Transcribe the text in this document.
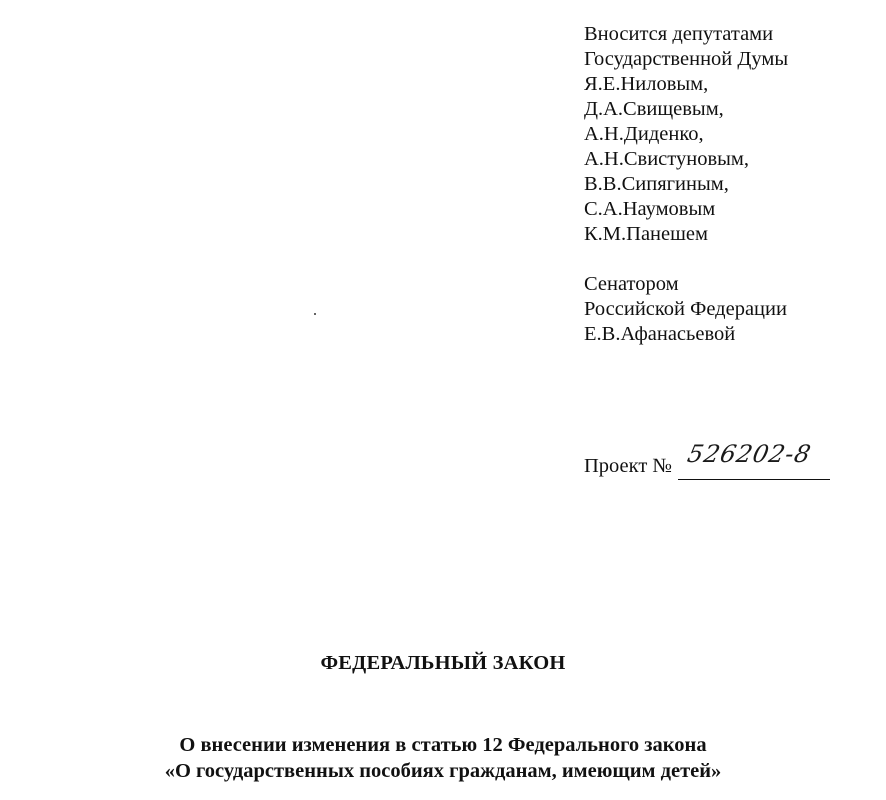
Вносится депутатами
Государственной Думы
Я.Е.Ниловым,
Д.А.Свищевым,
А.Н.Диденко,
А.Н.Свистуновым,
В.В.Сипягиным,
С.А.Наумовым
К.М.Панешем
Сенатором
Российской Федерации
Е.В.Афанасьевой
Проект № 526202-8
ФЕДЕРАЛЬНЫЙ ЗАКОН
О внесении изменения в статью 12 Федерального закона
«О государственных пособиях гражданам, имеющим детей»
